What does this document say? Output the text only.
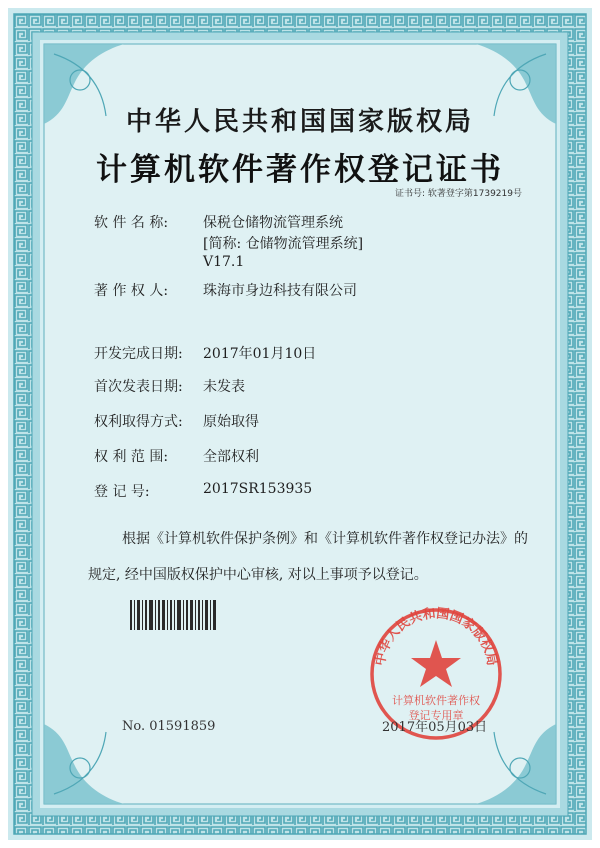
中华人民共和国国家版权局
计算机软件著作权登记证书
证书号: 软著登字第1739219号
软 件 名 称: 保税仓储物流管理系统
[简称: 仓储物流管理系统]
V17.1
著 作 权 人: 珠海市身边科技有限公司
开发完成日期: 2017年01月10日
首次发表日期: 未发表
权利取得方式: 原始取得
权 利 范 围: 全部权利
登 记 号:	2017SR153935
根据《计算机软件保护条例》和《计算机软件著作权登记办法》的
规定, 经中国版权保护中心审核, 对以上事项予以登记。
中华人民共和国国家版权局
计算机软件著作权
登记专用章
No. 01591859	2017年05月03日
